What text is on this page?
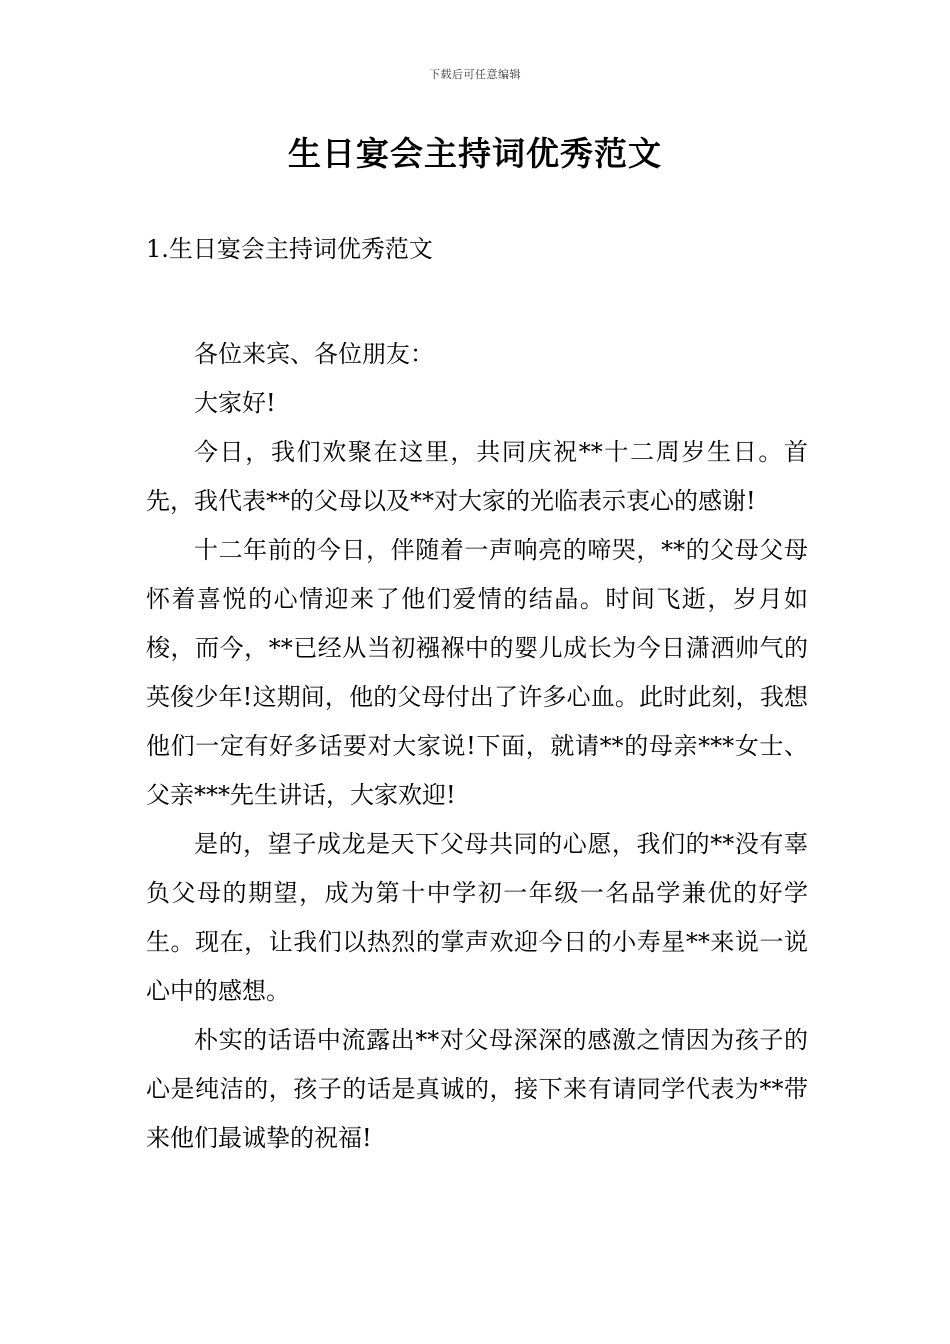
下载后可任意编辑
生日宴会主持词优秀范文
1.生日宴会主持词优秀范文

各位来宾、各位朋友：

大家好!

今日，我们欢聚在这里，共同庆祝**十二周岁生日。首先，我代表**的父母以及**对大家的光临表示衷心的感谢!

十二年前的今日，伴随着一声响亮的啼哭，**的父母父母怀着喜悦的心情迎来了他们爱情的结晶。时间飞逝，岁月如梭，而今，**已经从当初襁褓中的婴儿成长为今日潇洒帅气的英俊少年!这期间，他的父母付出了许多心血。此时此刻，我想他们一定有好多话要对大家说!下面，就请**的母亲***女士、父亲***先生讲话，大家欢迎!

是的，望子成龙是天下父母共同的心愿，我们的**没有辜负父母的期望，成为第十中学初一年级一名品学兼优的好学生。现在，让我们以热烈的掌声欢迎今日的小寿星**来说一说心中的感想。

朴实的话语中流露出**对父母深深的感激之情因为孩子的心是纯洁的，孩子的话是真诚的，接下来有请同学代表为**带来他们最诚挚的祝福!
